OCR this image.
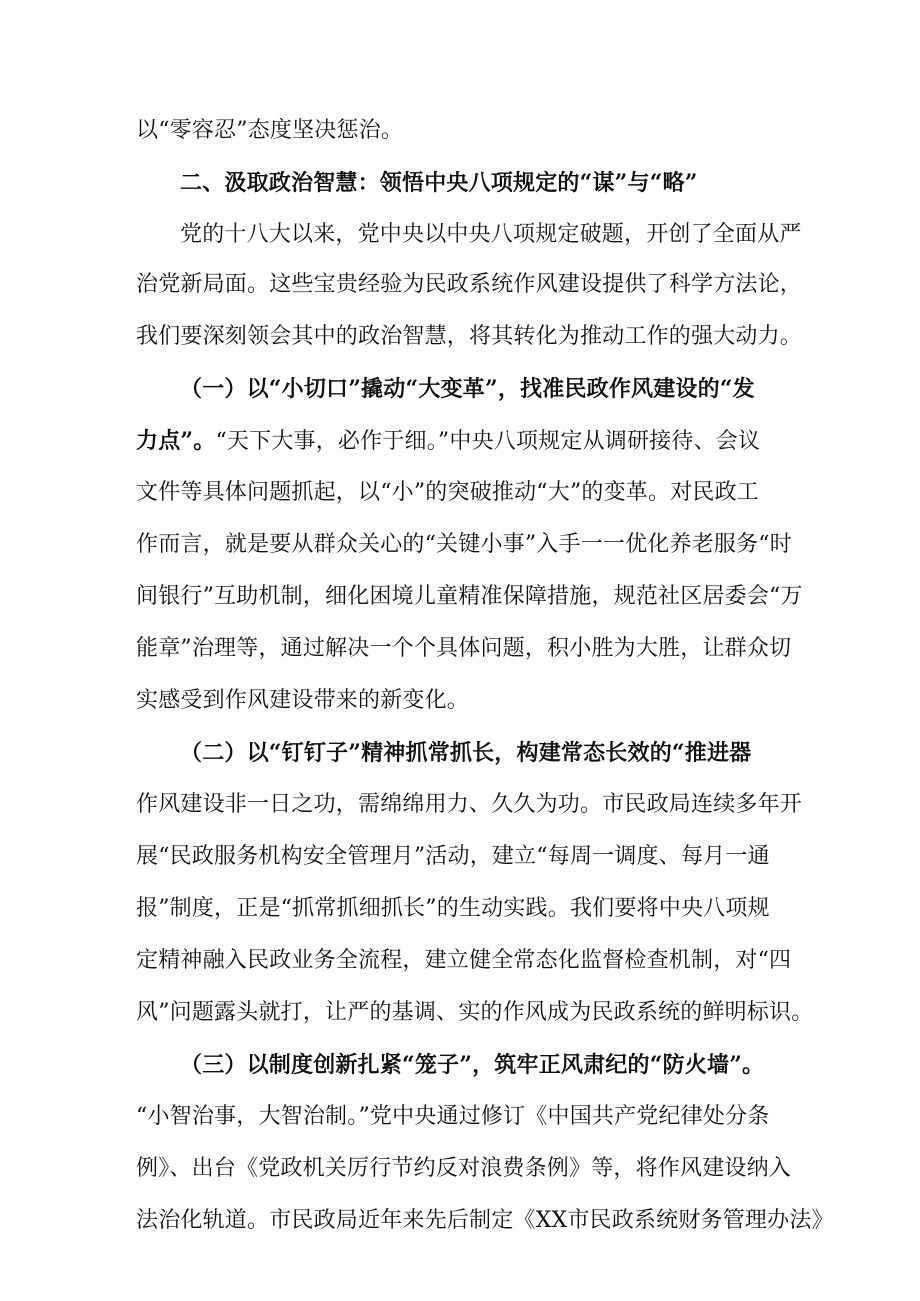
以“零容忍”态度坚决惩治。
二、汲取政治智慧：领悟中央八项规定的“谋”与“略”
党的十八大以来，党中央以中央八项规定破题，开创了全面从严
治党新局面。这些宝贵经验为民政系统作风建设提供了科学方法论，
我们要深刻领会其中的政治智慧，将其转化为推动工作的强大动力。
（一）以“小切口”撬动“大变革”，找准民政作风建设的“发
力点”。“天下大事，必作于细。”中央八项规定从调研接待、会议
文件等具体问题抓起，以“小”的突破推动“大”的变革。对民政工
作而言，就是要从群众关心的“关键小事”入手一一优化养老服务“时
间银行”互助机制，细化困境儿童精准保障措施，规范社区居委会“万
能章”治理等，通过解决一个个具体问题，积小胜为大胜，让群众切
实感受到作风建设带来的新变化。
（二）以“钉钉子”精神抓常抓长，构建常态长效的“推进器
作风建设非一日之功，需绵绵用力、久久为功。市民政局连续多年开
展“民政服务机构安全管理月”活动，建立“每周一调度、每月一通
报”制度，正是“抓常抓细抓长”的生动实践。我们要将中央八项规
定精神融入民政业务全流程，建立健全常态化监督检查机制，对“四
风”问题露头就打，让严的基调、实的作风成为民政系统的鲜明标识。
（三）以制度创新扎紧“笼子”，筑牢正风肃纪的“防火墙”。
“小智治事，大智治制。”党中央通过修订《中国共产党纪律处分条
例》、出台《党政机关厉行节约反对浪费条例》等，将作风建设纳入
法治化轨道。市民政局近年来先后制定《XX市民政系统财务管理办法》
